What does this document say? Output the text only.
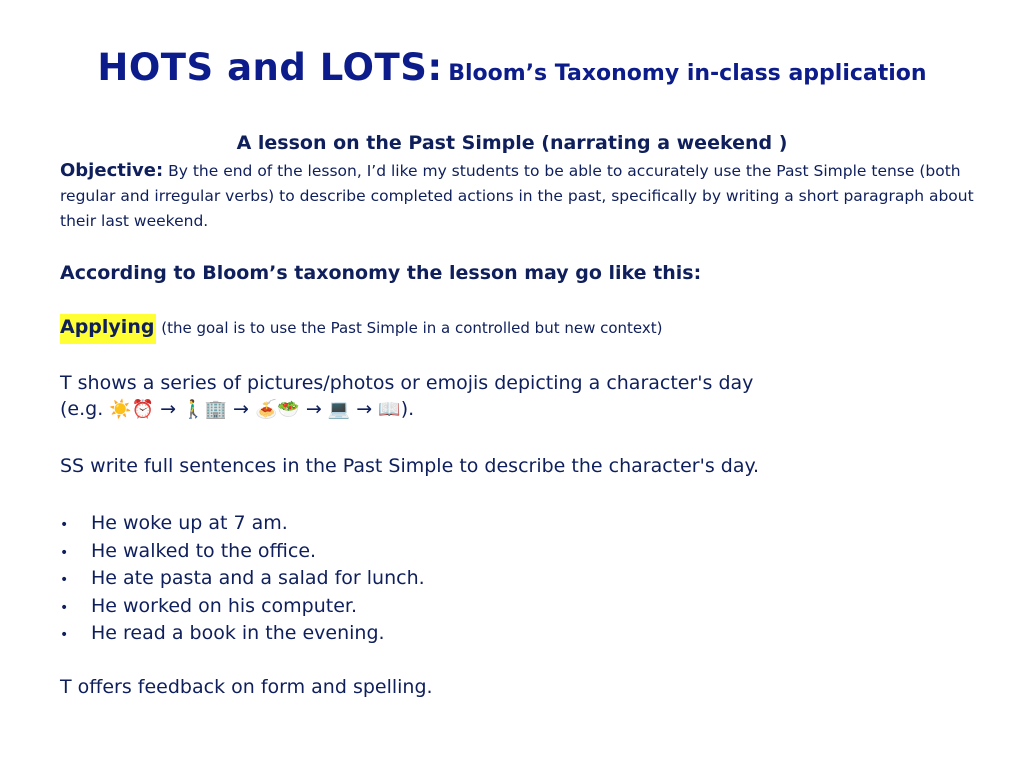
HOTS and LOTS: Bloom’s Taxonomy in-class application
A lesson on the Past Simple (narrating a weekend )
Objective: By the end of the lesson, I’d like my students to be able to accurately use the Past Simple tense (both regular and irregular verbs) to describe completed actions in the past, specifically by writing a short paragraph about their last weekend.
According to Bloom’s taxonomy the lesson may go like this:
Applying (the goal is to use the Past Simple in a controlled but new context)
T shows a series of pictures/photos or emojis depicting a character's day
(e.g. ☀️⏰ → 🚶‍♂️🏢 → 🍝🥗 → 💻 → 📖).
SS write full sentences in the Past Simple to describe the character's day.
• He woke up at 7 am.
• He walked to the office.
• He ate pasta and a salad for lunch.
• He worked on his computer.
• He read a book in the evening.
T offers feedback on form and spelling.
